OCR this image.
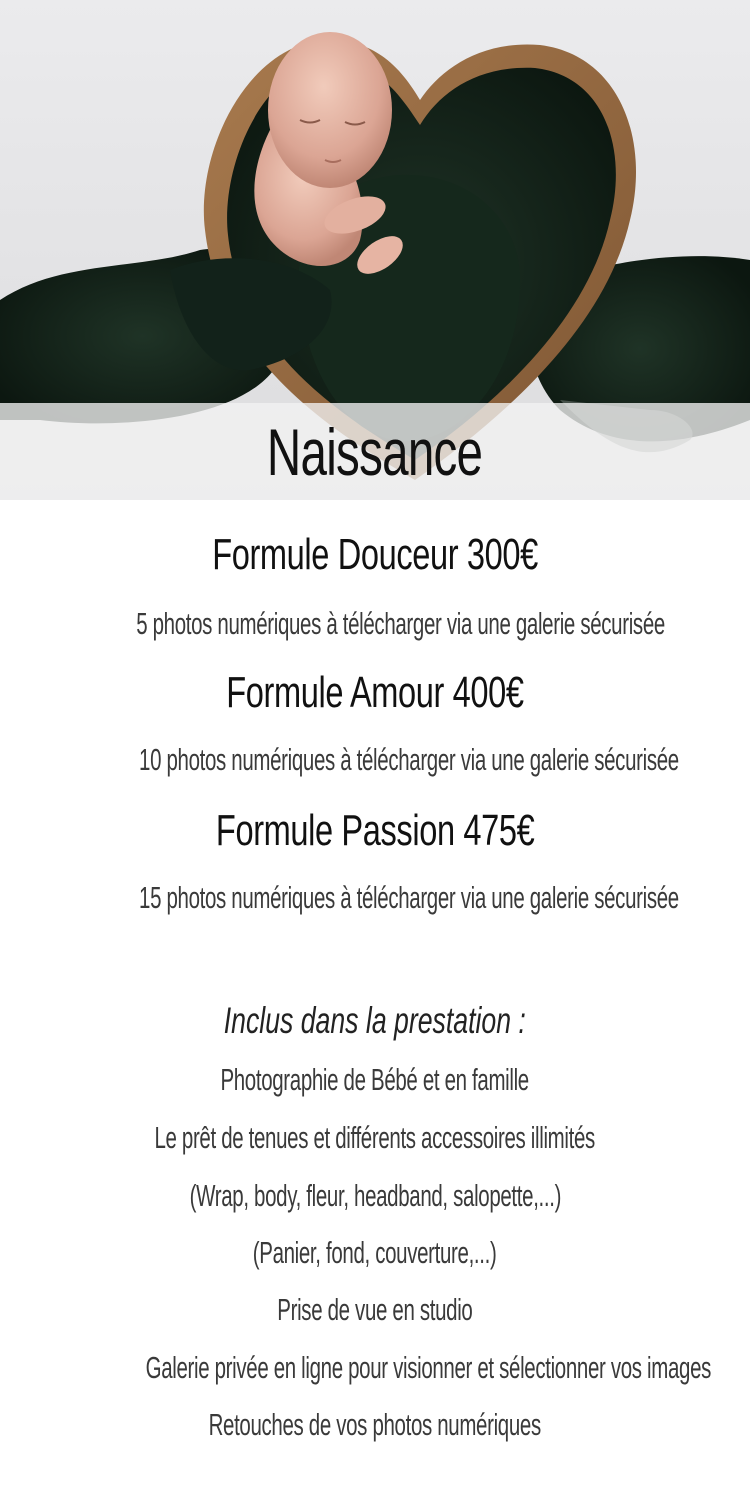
Naissance
Formule Douceur 300€
5 photos numériques à télécharger via une galerie sécurisée
Formule Amour 400€
10 photos numériques à télécharger via une galerie sécurisée
Formule Passion 475€
15 photos numériques à télécharger via une galerie sécurisée
Inclus dans la prestation :
Photographie de Bébé et en famille
Le prêt de tenues et différents accessoires illimités
(Wrap, body, fleur, headband, salopette,...)
(Panier, fond, couverture,...)
Prise de vue en studio
Galerie privée en ligne pour visionner et sélectionner vos images
Retouches de vos photos numériques
